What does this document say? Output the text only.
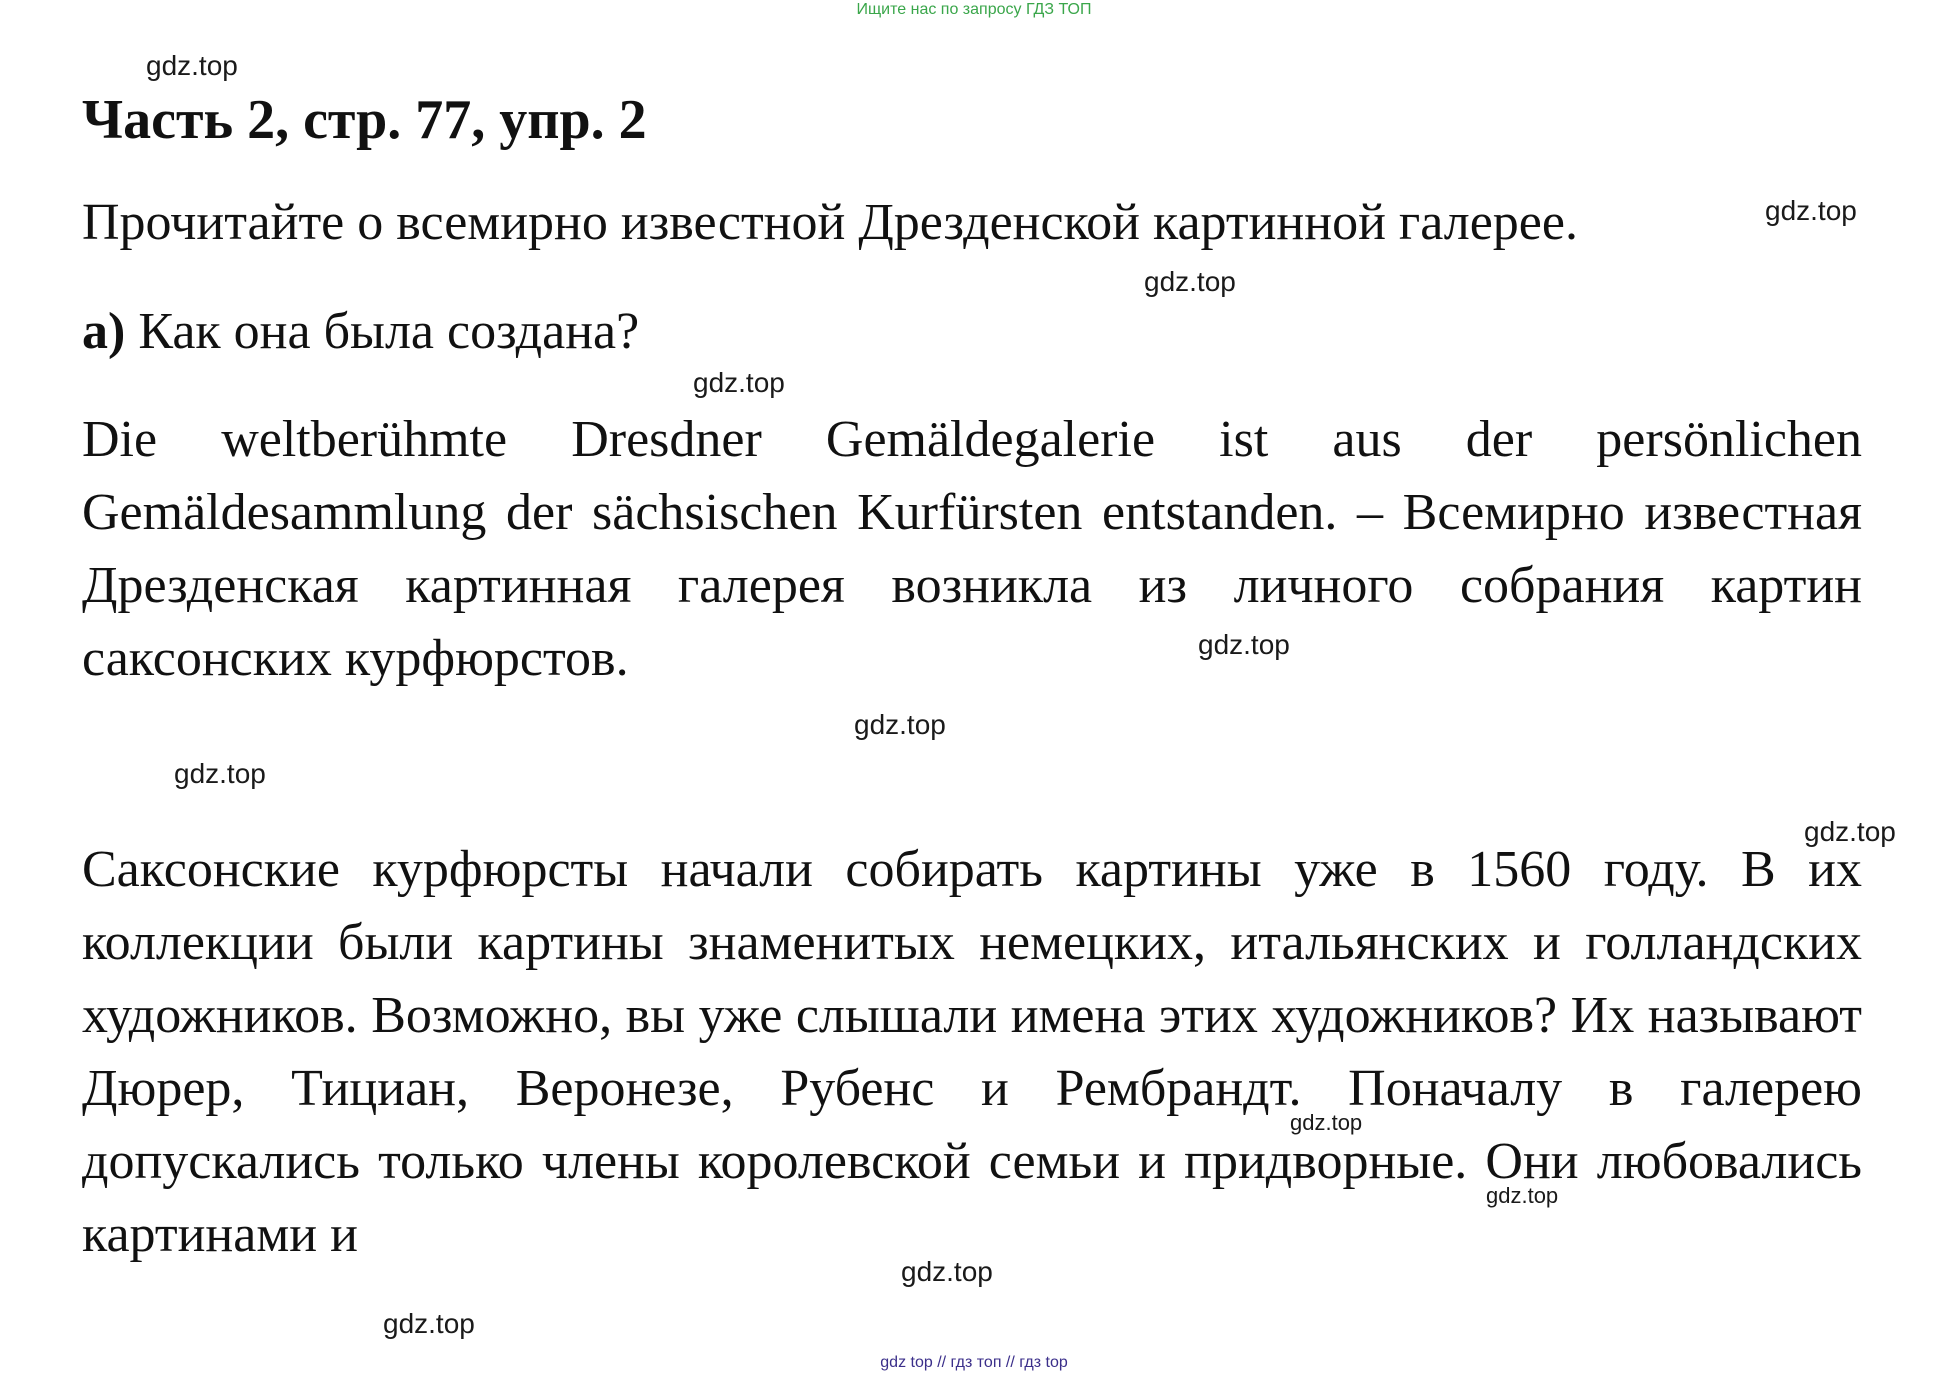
Ищите нас по запросу ГДЗ ТОП
gdz.top
Часть 2, стр. 77, упр. 2
Прочитайте о всемирно известной Дрезденской картинной галерее.	gdz.top
gdz.top
а) Как она была создана?
gdz.top
Die weltberühmte Dresdner Gemäldegalerie ist aus der persönlichen Gemäldesammlung der sächsischen Kurfürsten entstanden. – Всемирно известная Дрезденская картинная галерея возникла из личного собрания картин саксонских курфюрстов.	gdz.top
gdz.top
gdz.top
gdz.top
Саксонские курфюрсты начали собирать картины уже в 1560 году. В их коллекции были картины знаменитых немецких, итальянских и голландских художников. Возможно, вы уже слышали имена этих художников? Их называют Дюрер, Тициан, Веронезе, Рубенс и Рембрандт. Поначалу в галерею допускались только члены королевской семьи и придворные. Они любовались картинами и
gdz.top
gdz.top
gdz.top
gdz.top
gdz top // гдз топ // гдз top
